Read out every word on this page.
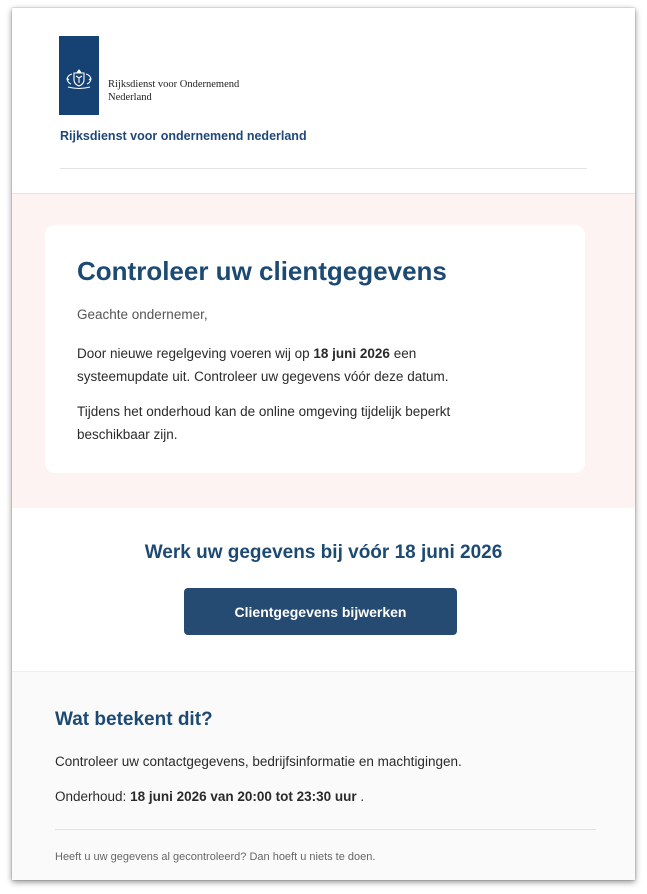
Rijksdienst voor Ondernemend
Nederland
Rijksdienst voor ondernemend nederland
Controleer uw clientgegevens
Geachte ondernemer,
Door nieuwe regelgeving voeren wij op 18 juni 2026 een systeemupdate uit. Controleer uw gegevens vóór deze datum.
Tijdens het onderhoud kan de online omgeving tijdelijk beperkt beschikbaar zijn.
Werk uw gegevens bij vóór 18 juni 2026
Clientgegevens bijwerken
Wat betekent dit?
Controleer uw contactgegevens, bedrijfsinformatie en machtigingen.
Onderhoud: 18 juni 2026 van 20:00 tot 23:30 uur .
Heeft u uw gegevens al gecontroleerd? Dan hoeft u niets te doen.
